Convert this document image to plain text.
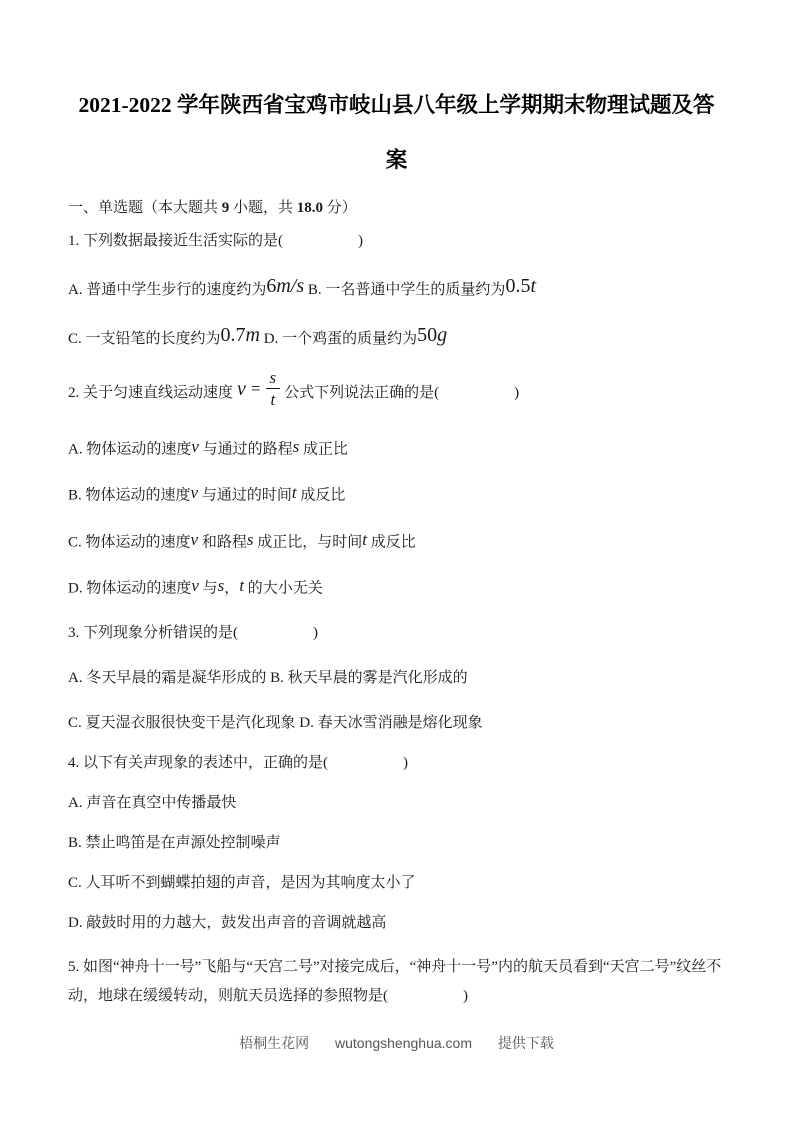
2021-2022 学年陕西省宝鸡市岐山县八年级上学期期末物理试题及答
案

一、单选题（本大题共 9 小题，共 18.0 分）

1. 下列数据最接近生活实际的是(　　　　　)

A. 普通中学生步行的速度约为6m/s B. 一名普通中学生的质量约为0.5t

C. 一支铅笔的长度约为0.7m D. 一个鸡蛋的质量约为50g

2. 关于匀速直线运动速度 $v = \frac{s}{t}$ 公式下列说法正确的是(　　　　　)

A. 物体运动的速度v 与通过的路程s 成正比

B. 物体运动的速度v 与通过的时间t 成反比

C. 物体运动的速度v 和路程s 成正比，与时间t 成反比

D. 物体运动的速度v 与s，t 的大小无关

3. 下列现象分析错误的是(　　　　　)

A. 冬天早晨的霜是凝华形成的 B. 秋天早晨的雾是汽化形成的

C. 夏天湿衣服很快变干是汽化现象 D. 春天冰雪消融是熔化现象

4. 以下有关声现象的表述中，正确的是(　　　　　)

A. 声音在真空中传播最快

B. 禁止鸣笛是在声源处控制噪声

C. 人耳听不到蝴蝶拍翅的声音，是因为其响度太小了

D. 敲鼓时用的力越大，鼓发出声音的音调就越高

5. 如图“神舟十一号”飞船与“天宫二号”对接完成后，“神舟十一号”内的航天员看到“天宫二号”纹丝不动，地球在缓缓转动，则航天员选择的参照物是(　　　　　)

梧桐生花网 wutongshenghua.com 提供下载
